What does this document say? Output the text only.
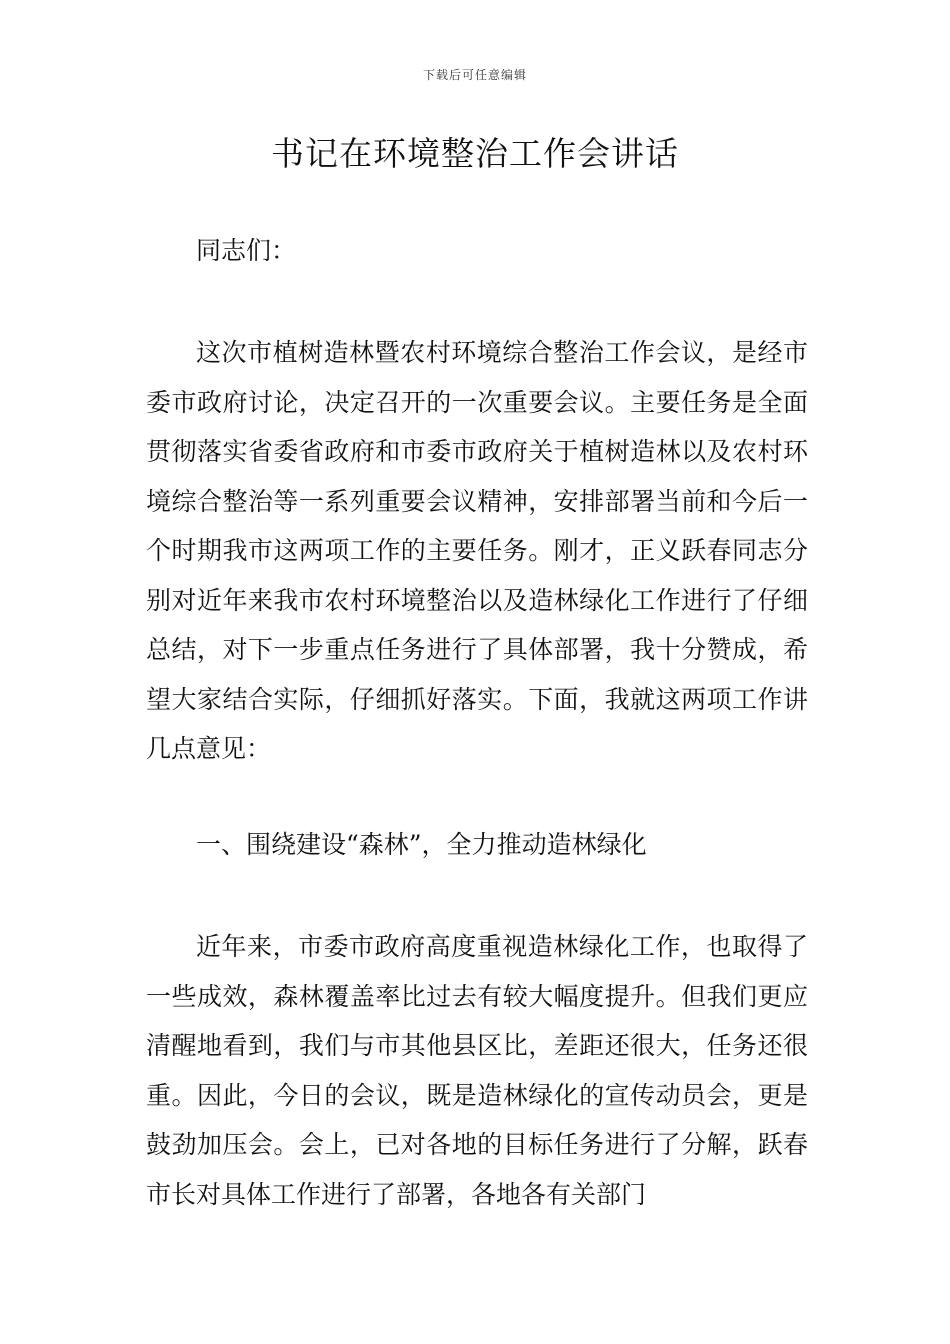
下载后可任意编辑
书记在环境整治工作会讲话

同志们：

这次市植树造林暨农村环境综合整治工作会议，是经市委市政府讨论，决定召开的一次重要会议。主要任务是全面贯彻落实省委省政府和市委市政府关于植树造林以及农村环境综合整治等一系列重要会议精神，安排部署当前和今后一个时期我市这两项工作的主要任务。刚才，正义跃春同志分别对近年来我市农村环境整治以及造林绿化工作进行了仔细总结，对下一步重点任务进行了具体部署，我十分赞成，希望大家结合实际，仔细抓好落实。下面，我就这两项工作讲几点意见：

一、围绕建设“森林”，全力推动造林绿化

近年来，市委市政府高度重视造林绿化工作，也取得了一些成效，森林覆盖率比过去有较大幅度提升。但我们更应清醒地看到，我们与市其他县区比，差距还很大，任务还很重。因此，今日的会议，既是造林绿化的宣传动员会，更是鼓劲加压会。会上，已对各地的目标任务进行了分解，跃春市长对具体工作进行了部署，各地各有关部门
